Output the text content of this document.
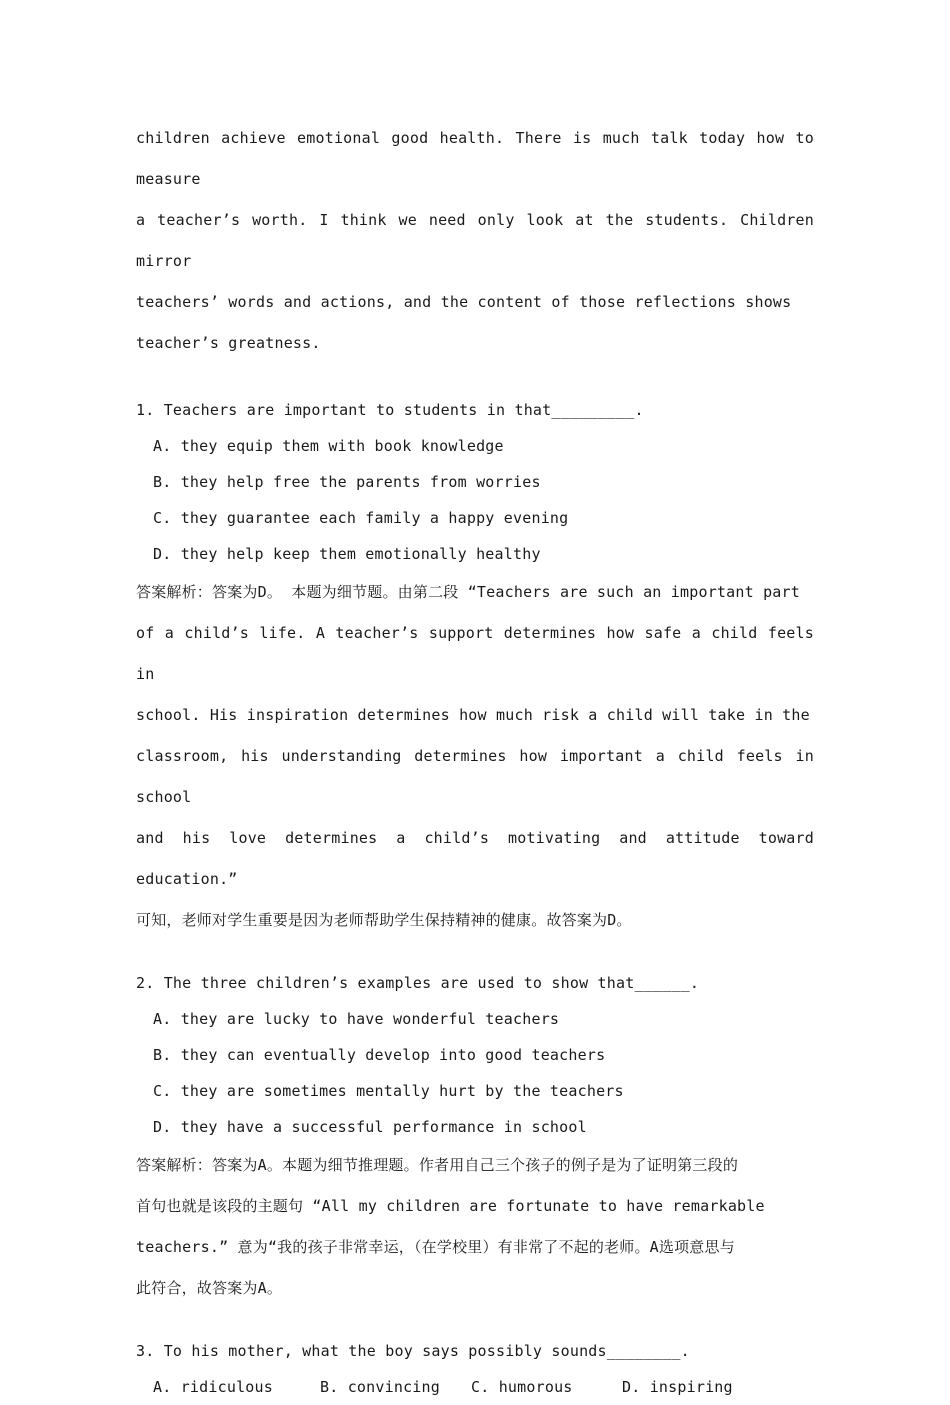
children achieve emotional good health. There is much talk today how to measure

a teacher’s worth. I think we need only look at the students. Children mirror

teachers’ words and actions, and the content of those reflections shows

teacher’s greatness.

1. Teachers are important to students in that_________.

A. they equip them with book knowledge

B. they help free the parents from worries

C. they guarantee each family a happy evening

D. they help keep them emotionally healthy

答案解析：答案为D。 本题为细节题。由第二段 “Teachers are such an important part

of a child’s life. A teacher’s support determines how safe a child feels in

school. His inspiration determines how much risk a child will take in the

classroom, his understanding determines how important a child feels in school

and his love determines a child’s motivating and attitude toward education.”

可知，老师对学生重要是因为老师帮助学生保持精神的健康。故答案为D。

2. The three children’s examples are used to show that______.

A. they are lucky to have wonderful teachers

B. they can eventually develop into good teachers

C. they are sometimes mentally hurt by the teachers

D. they have a successful performance in school

答案解析：答案为A。本题为细节推理题。作者用自己三个孩子的例子是为了证明第三段的

首句也就是该段的主题句 “All my children are fortunate to have remarkable

teachers.” 意为“我的孩子非常幸运，（在学校里）有非常了不起的老师。A选项意思与

此符合，故答案为A。

3. To his mother, what the boy says possibly sounds________.

A. ridiculous	B. convincing	C. humorous	D. inspiring
